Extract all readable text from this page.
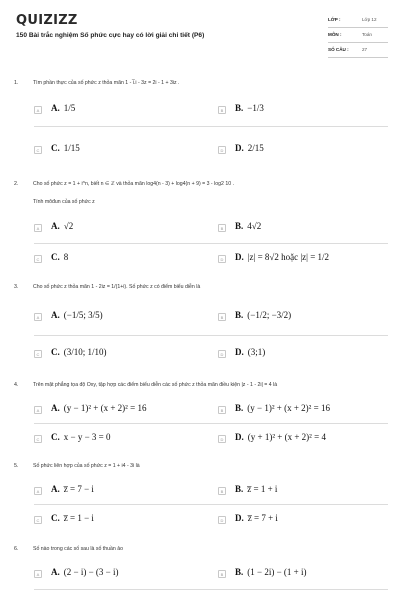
QUIZIZZ
150 Bài trắc nghiệm Số phức cực hay có lời giải chi tiết (P6)
LỚP :	Lớp 12
MÔN :	Toán
SỐ CÂU :	27
1.	Tìm phần thực của số phức z thỏa mãn 1 - i̅.i - 3z = 2i - 1 + 3iz .
A A. 1/5	B B. −1/3
C C. 1/15	D D. 2/15
2.	Cho số phức z = 1 + i^n, biết n ∈ ℤ và thỏa mãn log4(n - 3) + log4(n + 9) = 3 - log2 10 .
Tính môđun của số phức z
A A. √2	B B. 4√2
C C. 8	D D. |z| = 8√2 hoặc |z| = 1/2
3.	Cho số phức z thỏa mãn 1 - 2iz = 1/(1+i). Số phức z có điểm biểu diễn là
A A. (−1/5; 3/5)	B B. (−1/2; −3/2)
C C. (3/10; 1/10)	D D. (3;1)
4.	Trên mặt phẳng tọa độ Oxy, tập hợp các điểm biểu diễn các số phức z thỏa mãn điều kiện |z - 1 - 2i| = 4 là
A A. (y − 1)² + (x + 2)² = 16	B B. (y − 1)² + (x + 2)² = 16
C C. x − y − 3 = 0	D D. (y + 1)² + (x + 2)² = 4
5.	Số phức liên hợp của số phức z = 1 + i4 - 3i là
A A. z̅ = 7 − i	B B. z̅ = 1 + i
C C. z̅ = 1 − i	D D. z̅ = 7 + i
6.	Số nào trong các số sau là số thuần ảo
A A. (2 − i) − (3 − i)	B B. (1 − 2i) − (1 + i)
